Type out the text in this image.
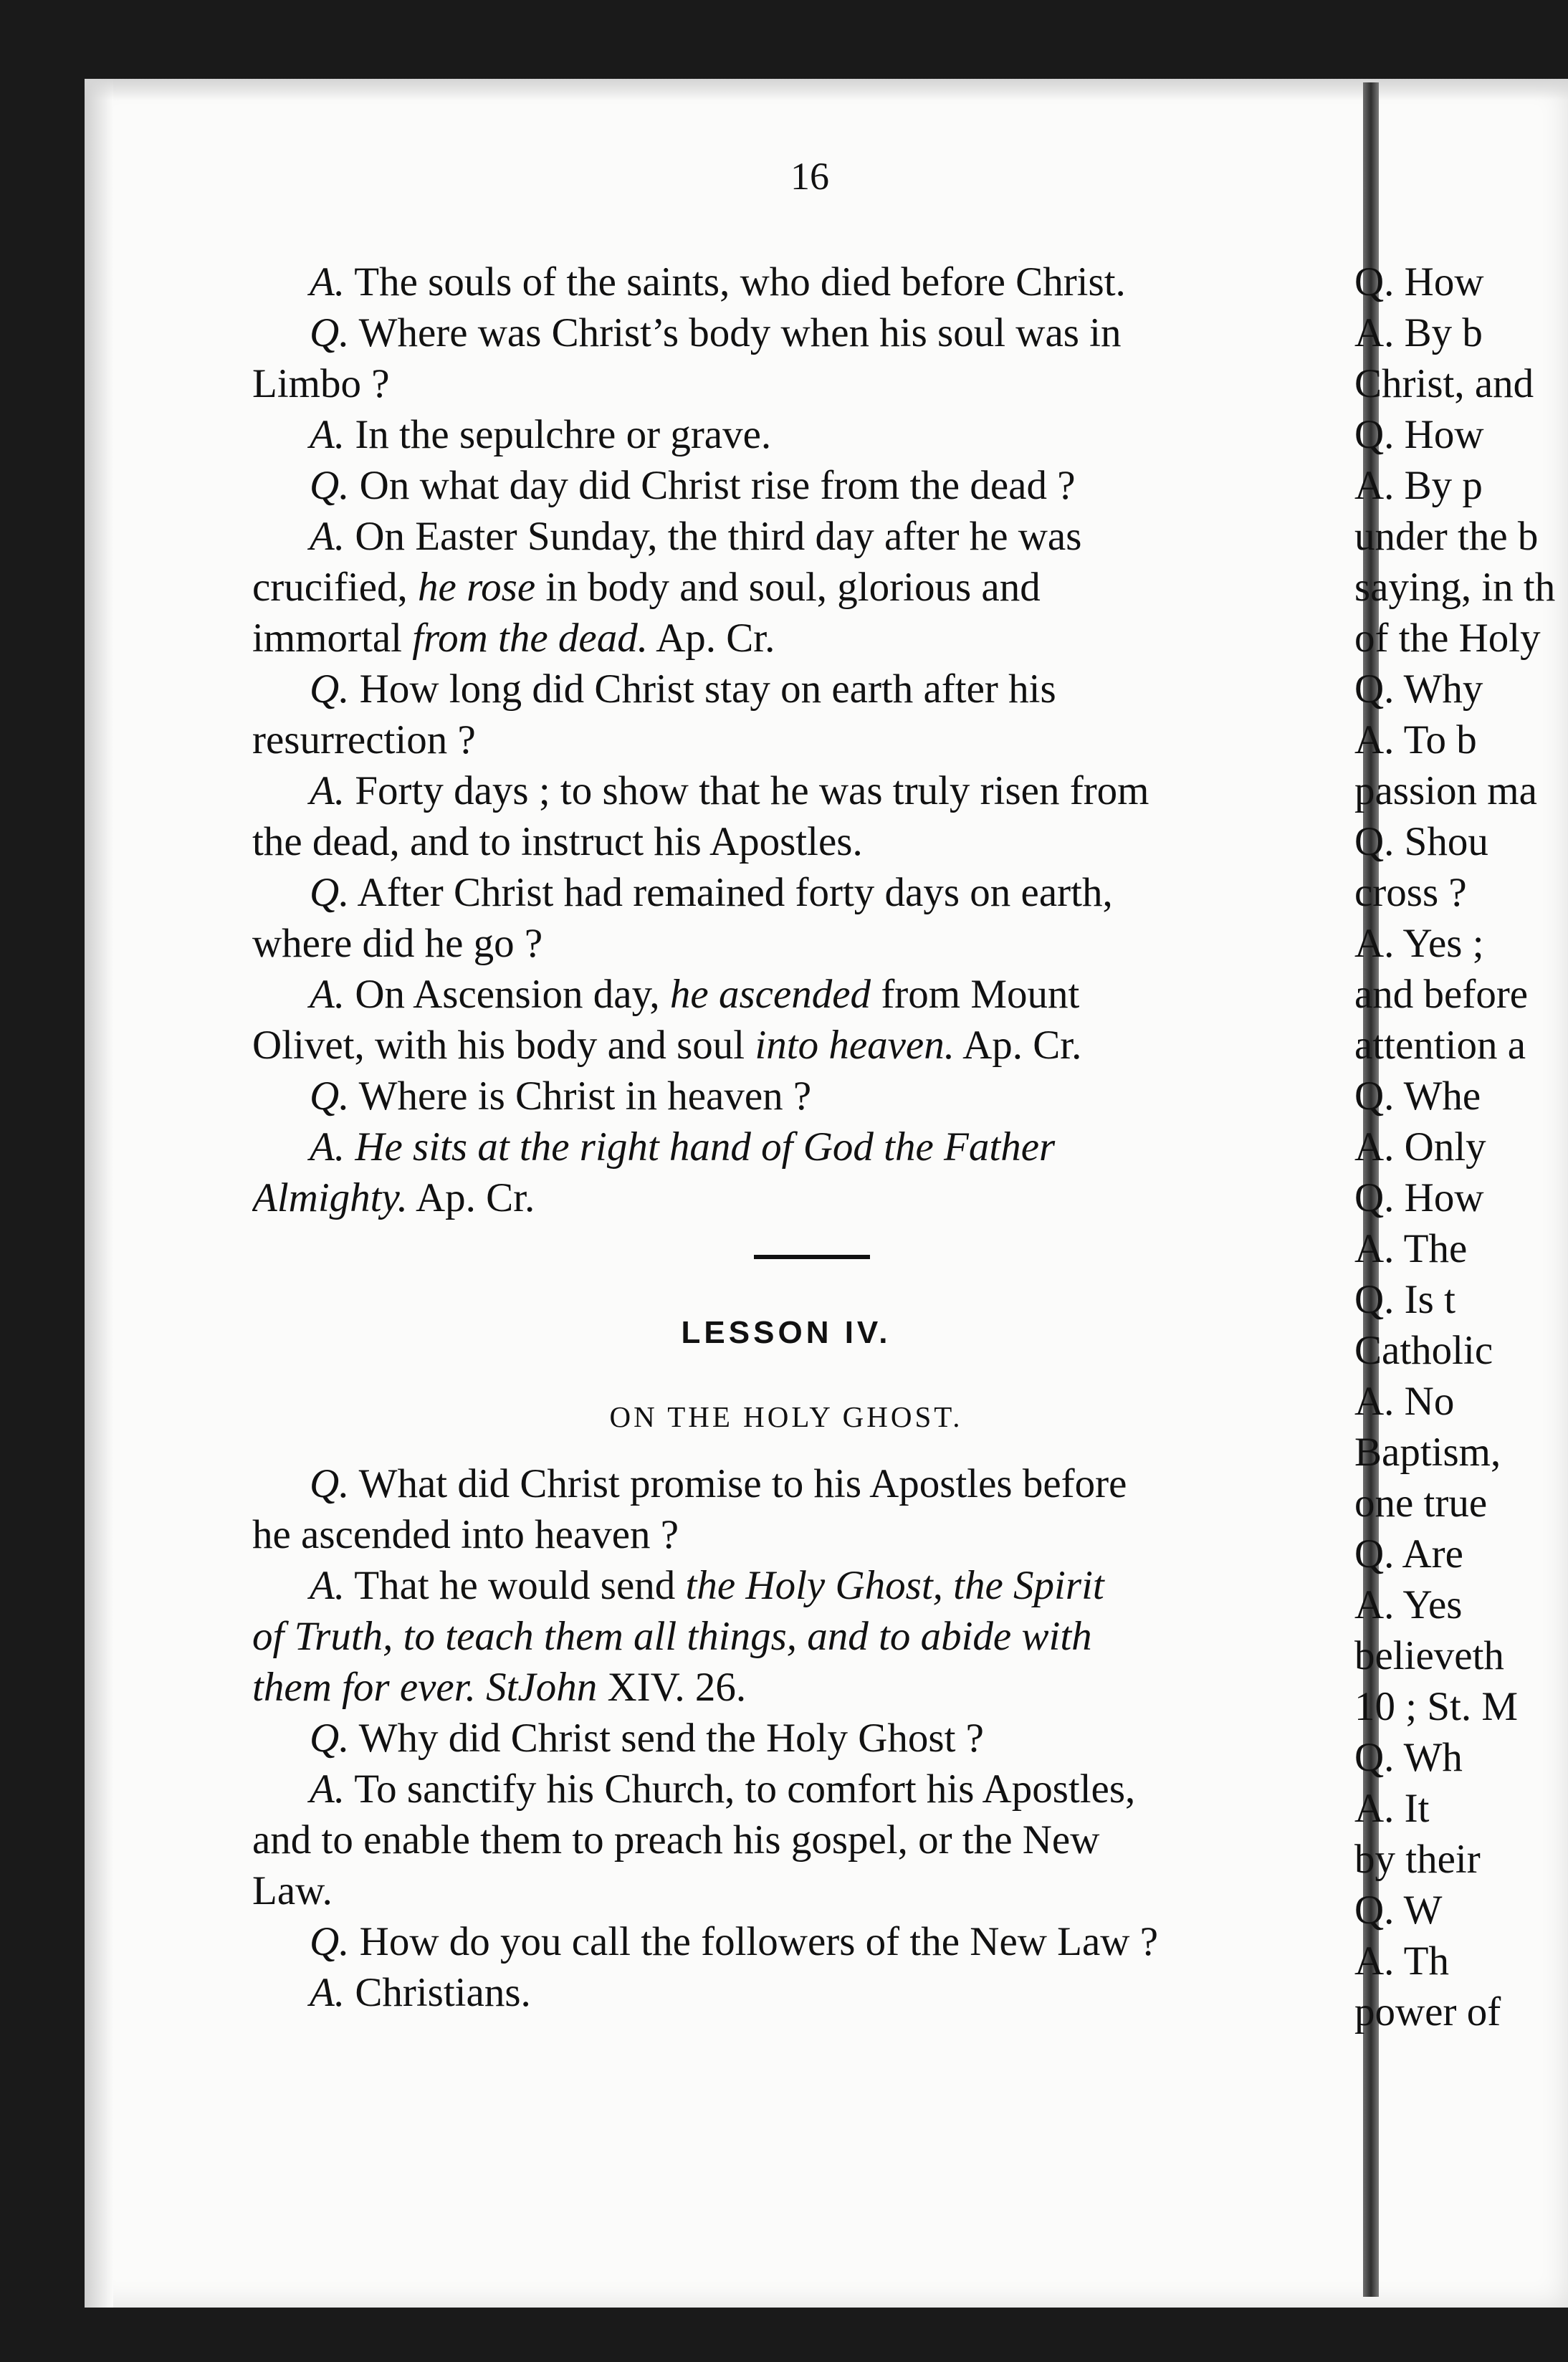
16
A. The souls of the saints, who died before Christ.
Q. Where was Christ’s body when his soul was in
Limbo ?
A. In the sepulchre or grave.
Q. On what day did Christ rise from the dead ?
A. On Easter Sunday, the third day after he was
crucified, he rose in body and soul, glorious and
immortal from the dead. Ap. Cr.
Q. How long did Christ stay on earth after his
resurrection ?
A. Forty days ; to show that he was truly risen from
the dead, and to instruct his Apostles.
Q. After Christ had remained forty days on earth,
where did he go ?
A. On Ascension day, he ascended from Mount
Olivet, with his body and soul into heaven. Ap. Cr.
Q. Where is Christ in heaven ?
A. He sits at the right hand of God the Father
Almighty. Ap. Cr.
LESSON IV.
ON THE HOLY GHOST.
Q. What did Christ promise to his Apostles before
he ascended into heaven ?
A. That he would send the Holy Ghost, the Spirit
of Truth, to teach them all things, and to abide with
them for ever. StJohn XIV. 26.
Q. Why did Christ send the Holy Ghost ?
A. To sanctify his Church, to comfort his Apostles,
and to enable them to preach his gospel, or the New
Law.
Q. How do you call the followers of the New Law ?
A. Christians.
Q. How
A. By b
Christ, and
Q. How
A. By p
under the b
saying, in th
of the Holy
Q. Why
A. To b
passion ma
Q. Shou
cross ?
A. Yes ;
and before
attention a
Q. Whe
A. Only
Q. How
A. The
Q. Is t
Catholic
A. No
Baptism,
one true
Q. Are
A. Yes
believeth
10 ; St. M
Q. Wh
A. It
by their
Q. W
A. Th
power of
